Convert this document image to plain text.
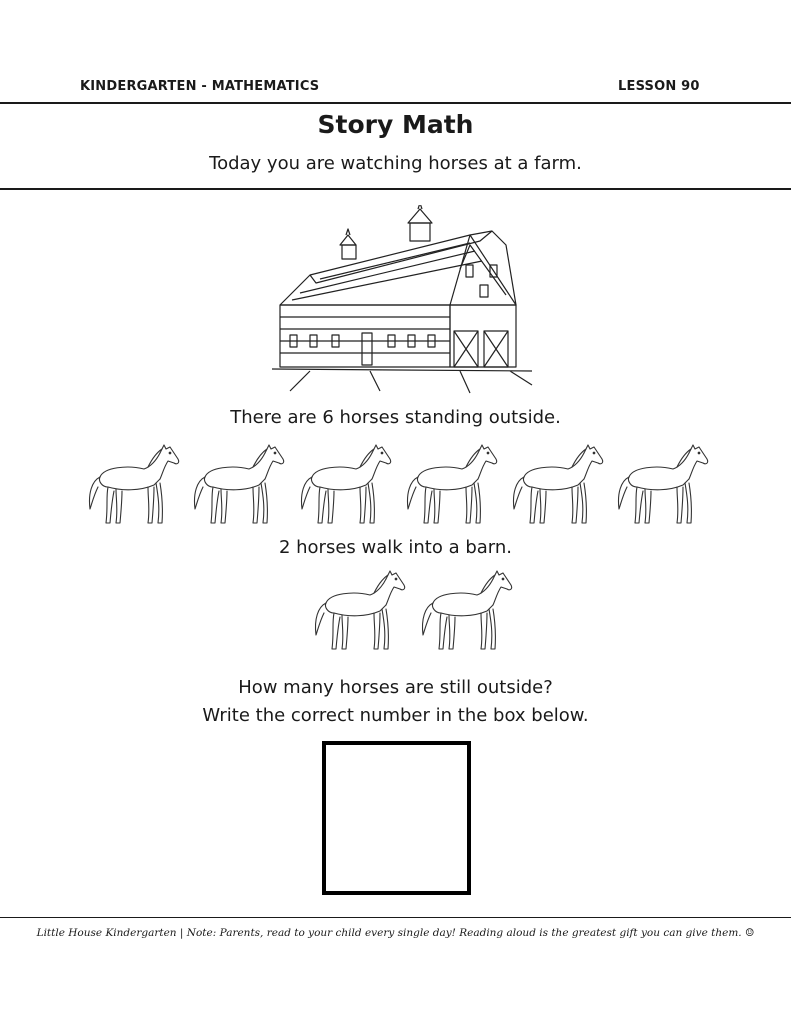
KINDERGARTEN - MATHEMATICS	LESSON 90
Story Math
Today you are watching horses at a farm.
There are 6 horses standing outside.
2 horses walk into a barn.
How many horses are still outside?
Write the correct number in the box below.
Little House Kindergarten | Note: Parents, read to your child every single day! Reading aloud is the greatest gift you can give them. ☺
